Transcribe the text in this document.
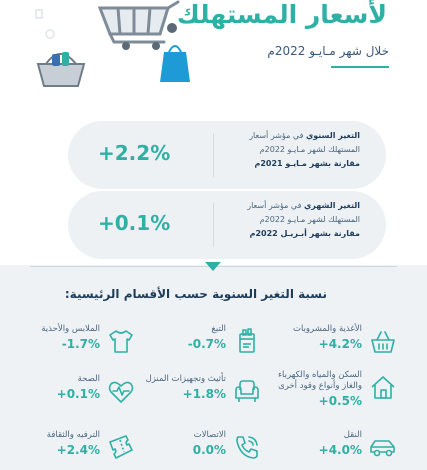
لأسعار المستهلك
خلال شهر مـايـو 2022م
التغير السنوي في مؤشر أسعار المستهلك لشهر مـايـو 2022م
مقارنة بشهر مـايـو 2021م
+2.2%
التغير الشهري في مؤشر أسعار المستهلك لشهر مـايـو 2022م
مقارنة بشهر أبـريـل 2022م
+0.1%
نسبة التغير السنوية حسب الأقسام الرئيسية:
الأغذية والمشروبات
+4.2%
التبغ
-0.7%
الملابس والأحذية
-1.7%
السكن والمياه والكهرباء
والغاز وأنواع وقود أخرى
+0.5%
تأثيث وتجهيزات المنزل
+1.8%
الصحة
+0.1%
النقل
+4.0%
الاتصالات
0.0%
الترفيه والثقافة
+2.4%
